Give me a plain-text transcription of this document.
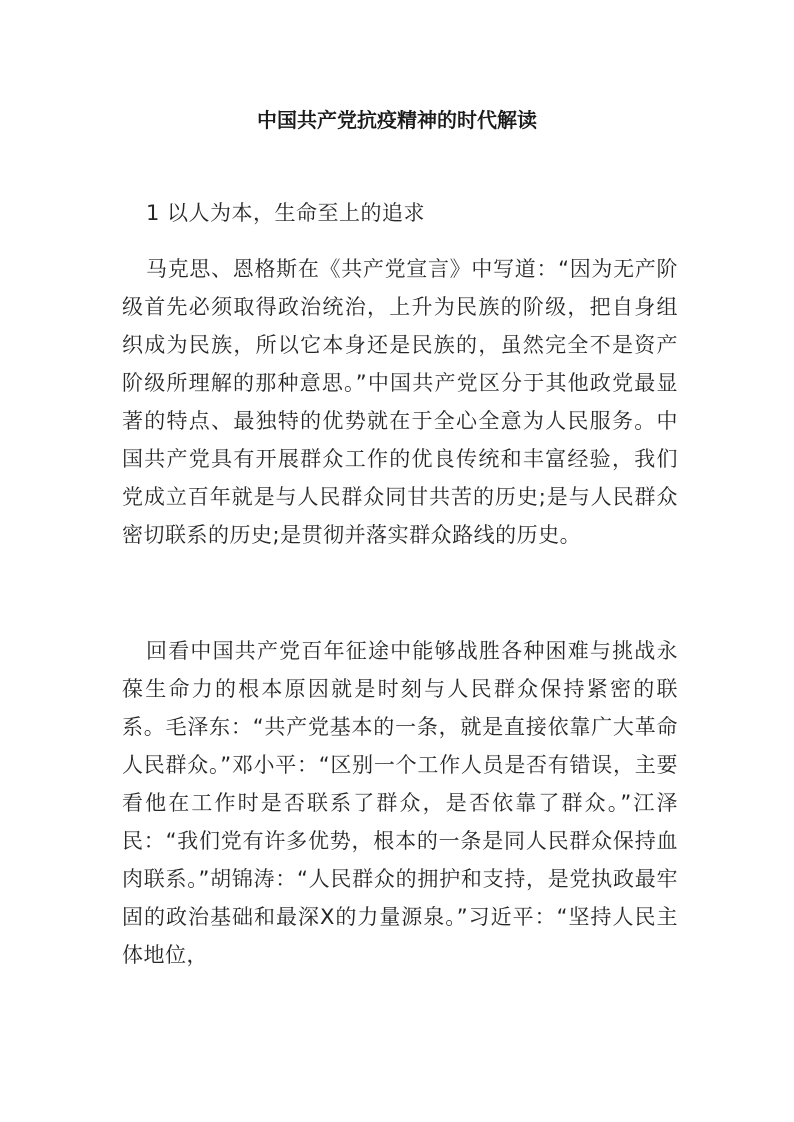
中国共产党抗疫精神的时代解读
1 以人为本，生命至上的追求
马克思、恩格斯在《共产党宣言》中写道：“因为无产阶级首先必须取得政治统治，上升为民族的阶级，把自身组织成为民族，所以它本身还是民族的，虽然完全不是资产阶级所理解的那种意思。”中国共产党区分于其他政党最显著的特点、最独特的优势就在于全心全意为人民服务。中国共产党具有开展群众工作的优良传统和丰富经验，我们党成立百年就是与人民群众同甘共苦的历史;是与人民群众密切联系的历史;是贯彻并落实群众路线的历史。
回看中国共产党百年征途中能够战胜各种困难与挑战永葆生命力的根本原因就是时刻与人民群众保持紧密的联系。毛泽东：“共产党基本的一条，就是直接依靠广大革命人民群众。”邓小平：“区别一个工作人员是否有错误，主要看他在工作时是否联系了群众，是否依靠了群众。”江泽民：“我们党有许多优势，根本的一条是同人民群众保持血肉联系。”胡锦涛：“人民群众的拥护和支持，是党执政最牢固的政治基础和最深X的力量源泉。”习近平：“坚持人民主体地位，
